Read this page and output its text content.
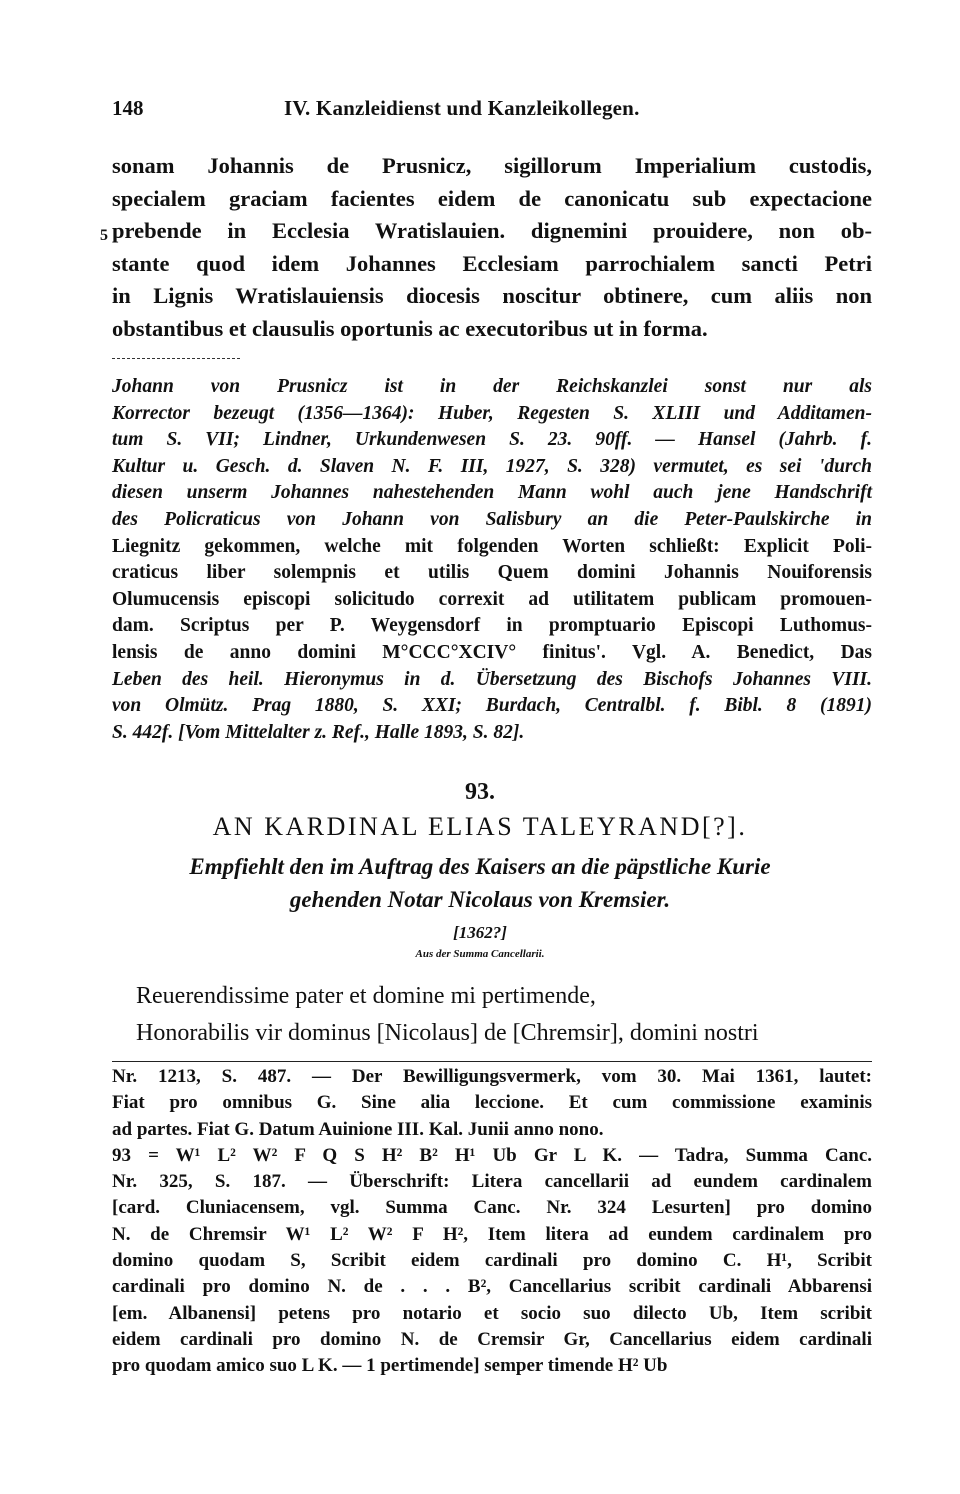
148	IV. Kanzleidienst und Kanzleikollegen.
5
sonam Johannis de Prusnicz, sigillorum Imperialium custodis,
specialem graciam facientes eidem de canonicatu sub expectacione
prebende in Ecclesia Wratislauien. dignemini prouidere, non ob-
stante quod idem Johannes Ecclesiam parrochialem sancti Petri
in Lignis Wratislauiensis diocesis noscitur obtinere, cum aliis non
obstantibus et clausulis oportunis ac executoribus ut in forma.
Johann von Prusnicz ist in der Reichskanzlei sonst nur als
Korrector bezeugt (1356—1364): Huber, Regesten S. XLIII und Additamen-
tum S. VII; Lindner, Urkundenwesen S. 23. 90ff. — Hansel (Jahrb. f.
Kultur u. Gesch. d. Slaven N. F. III, 1927, S. 328) vermutet, es sei 'durch
diesen unserm Johannes nahestehenden Mann wohl auch jene Handschrift
des Policraticus von Johann von Salisbury an die Peter-Paulskirche in
Liegnitz gekommen, welche mit folgenden Worten schließt: Explicit Poli-
craticus liber solempnis et utilis Quem domini Johannis Nouiforensis
Olumucensis episcopi solicitudo correxit ad utilitatem publicam promouen-
dam. Scriptus per P. Weygensdorf in promptuario Episcopi Luthomus-
lensis de anno domini M°CCC°XCIV° finitus'. Vgl. A. Benedict, Das
Leben des heil. Hieronymus in d. Übersetzung des Bischofs Johannes VIII.
von Olmütz. Prag 1880, S. XXI; Burdach, Centralbl. f. Bibl. 8 (1891)
S. 442f. [Vom Mittelalter z. Ref., Halle 1893, S. 82].
93.
AN KARDINAL ELIAS TALEYRAND[?].
Empfiehlt den im Auftrag des Kaisers an die päpstliche Kurie
gehenden Notar Nicolaus von Kremsier.
[1362?]
Aus der Summa Cancellarii.
Reuerendissime pater et domine mi pertimende,
Honorabilis vir dominus [Nicolaus] de [Chremsir], domini nostri
Nr. 1213, S. 487. — Der Bewilligungsvermerk, vom 30. Mai 1361, lautet:
Fiat pro omnibus G. Sine alia leccione. Et cum commissione examinis
ad partes. Fiat G. Datum Auinione III. Kal. Junii anno nono.
93 = W¹ L² W² F Q S H² B² H¹ Ub Gr L K. — Tadra, Summa Canc.
Nr. 325, S. 187. — Überschrift: Litera cancellarii ad eundem cardinalem
[card. Cluniacensem, vgl. Summa Canc. Nr. 324 Lesurten] pro domino
N. de Chremsir W¹ L² W² F H², Item litera ad eundem cardinalem pro
domino quodam S, Scribit eidem cardinali pro domino C. H¹, Scribit
cardinali pro domino N. de . . . B², Cancellarius scribit cardinali Abbarensi
[em. Albanensi] petens pro notario et socio suo dilecto Ub, Item scribit
eidem cardinali pro domino N. de Cremsir Gr, Cancellarius eidem cardinali
pro quodam amico suo L K. — 1 pertimende] semper timende H² Ub
